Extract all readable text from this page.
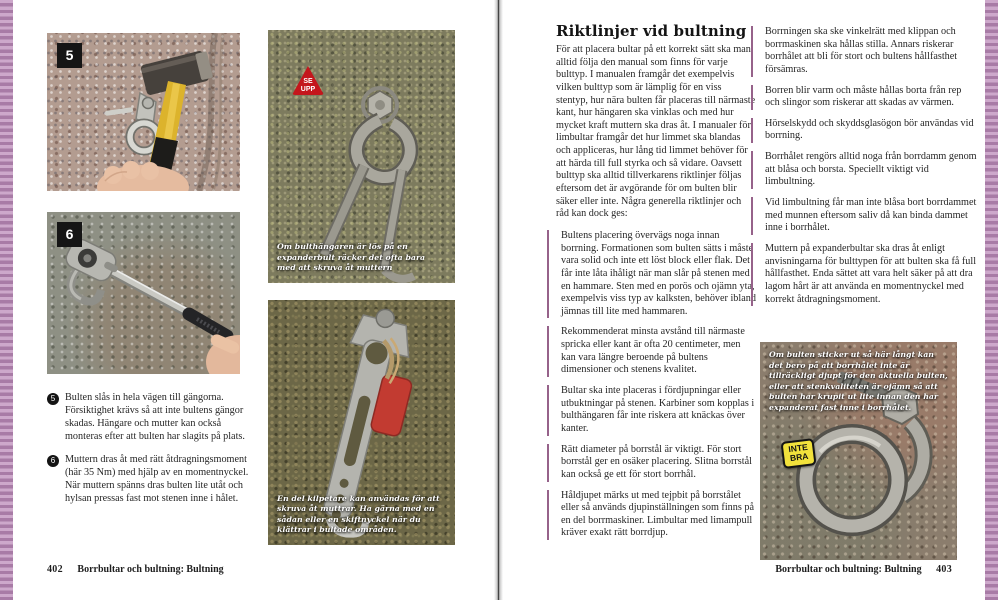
5
6
5 Bulten slås in hela vägen till gängorna. Försiktighet krävs så att inte bultens gängor skadas. Hängare och mutter kan också monteras efter att bulten har slagits på plats.

6 Muttern dras åt med rätt åtdragningsmoment (här 35 Nm) med hjälp av en momentnyckel. När muttern spänns dras bulten lite utåt och hylsan pressas fast mot stenen inne i hålet.

SE
UPP
Om bulthängaren är lös på en expanderbult räcker det ofta bara med att skruva åt muttern
En del kilpetare kan användas för att skruva åt muttrar. Ha gärna med en sådan eller en skiftnyckel när du klättrar i bultade områden.
402 Borrbultar och bultning: Bultning
Riktlinjer vid bultning

För att placera bultar på ett korrekt sätt ska man alltid följa den manual som finns för varje bulttyp. I manualen framgår det exempelvis vilken bulttyp som är lämplig för en viss stentyp, hur nära bulten får placeras till närmaste kant, hur hängaren ska vinklas och med hur mycket kraft muttern ska dras åt. I manualer för limbultar framgår det hur limmet ska blandas och appliceras, hur lång tid limmet behöver för att härda till full styrka och så vidare. Oavsett bulttyp ska alltid tillverkarens riktlinjer följas eftersom det är avgörande för om bulten blir säker eller inte. Några generella riktlinjer och råd kan dock ges:

Bultens placering övervägs noga innan borrning. Formationen som bulten sätts i måste vara solid och inte ett löst block eller flak. Det får inte låta ihåligt när man slår på stenen med en hammare. Sten med en porös och ojämn yta, exempelvis viss typ av kalksten, behöver ibland jämnas till lite med hammaren.

Rekommenderat minsta avstånd till närmaste spricka eller kant är ofta 20 centimeter, men kan vara längre beroende på bultens dimensioner och stenens kvalitet.

Bultar ska inte placeras i fördjupningar eller utbuktningar på stenen. Karbiner som kopplas i bulthängaren får inte riskera att knäckas över kanter.

Rätt diameter på borrstål är viktigt. För stort borrstål ger en osäker placering. Slitna borrstål kan också ge ett för stort borrhål.

Håldjupet märks ut med tejpbit på borrstålet eller så används djupinställningen som finns på en del borrmaskiner. Limbultar med limampull kräver exakt rätt borrdjup.

Borrningen ska ske vinkelrätt med klippan och borrmaskinen ska hållas stilla. Annars riskerar borrhålet att bli för stort och bultens hållfasthet försämras.

Borren blir varm och måste hållas borta från rep och slingor som riskerar att skadas av värmen.

Hörselskydd och skyddsglasögon bör användas vid borrning.

Borrhålet rengörs alltid noga från borrdamm genom att blåsa och borsta. Speciellt viktigt vid limbultning.

Vid limbultning får man inte blåsa bort borrdammet med munnen eftersom saliv då kan binda dammet inne i borrhålet.

Muttern på expanderbultar ska dras åt enligt anvisningarna för bulttypen för att bulten ska få full hållfasthet. Enda sättet att vara helt säker på att dra lagom hårt är att använda en momentnyckel med korrekt åtdragningsmoment.

Om bulten sticker ut så här långt kan det bero på att borrhålet inte är tillräckligt djupt för den aktuella bulten, eller att stenkvaliteten är ojämn så att bulten har krupit ut lite innan den har expanderat fast inne i borrhålet.
INTE
BRA
Borrbultar och bultning: Bultning 403
